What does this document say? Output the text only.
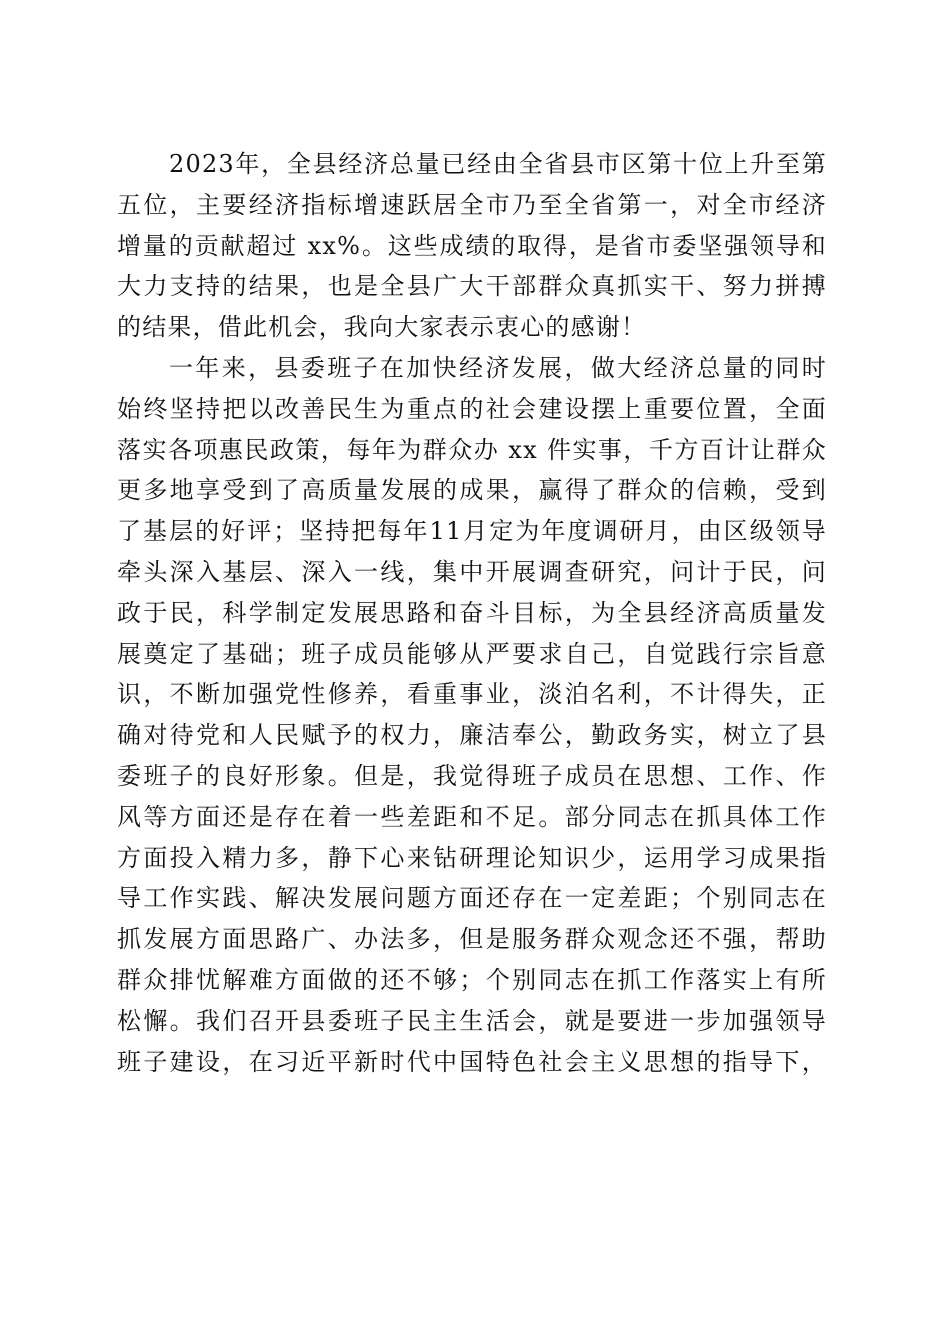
2023年，全县经济总量已经由全省县市区第十位上升至第
五位，主要经济指标增速跃居全市乃至全省第一，对全市经济
增量的贡献超过 xx%。这些成绩的取得，是省市委坚强领导和
大力支持的结果，也是全县广大干部群众真抓实干、努力拼搏
的结果，借此机会，我向大家表示衷心的感谢！
一年来，县委班子在加快经济发展，做大经济总量的同时
始终坚持把以改善民生为重点的社会建设摆上重要位置，全面
落实各项惠民政策，每年为群众办 xx 件实事，千方百计让群众
更多地享受到了高质量发展的成果，赢得了群众的信赖，受到
了基层的好评；坚持把每年11月定为年度调研月，由区级领导
牵头深入基层、深入一线，集中开展调查研究，问计于民，问
政于民，科学制定发展思路和奋斗目标，为全县经济高质量发
展奠定了基础；班子成员能够从严要求自己，自觉践行宗旨意
识，不断加强党性修养，看重事业，淡泊名利，不计得失，正
确对待党和人民赋予的权力，廉洁奉公，勤政务实，树立了县
委班子的良好形象。但是，我觉得班子成员在思想、工作、作
风等方面还是存在着一些差距和不足。部分同志在抓具体工作
方面投入精力多，静下心来钻研理论知识少，运用学习成果指
导工作实践、解决发展问题方面还存在一定差距；个别同志在
抓发展方面思路广、办法多，但是服务群众观念还不强，帮助
群众排忧解难方面做的还不够；个别同志在抓工作落实上有所
松懈。我们召开县委班子民主生活会，就是要进一步加强领导
班子建设，在习近平新时代中国特色社会主义思想的指导下，
